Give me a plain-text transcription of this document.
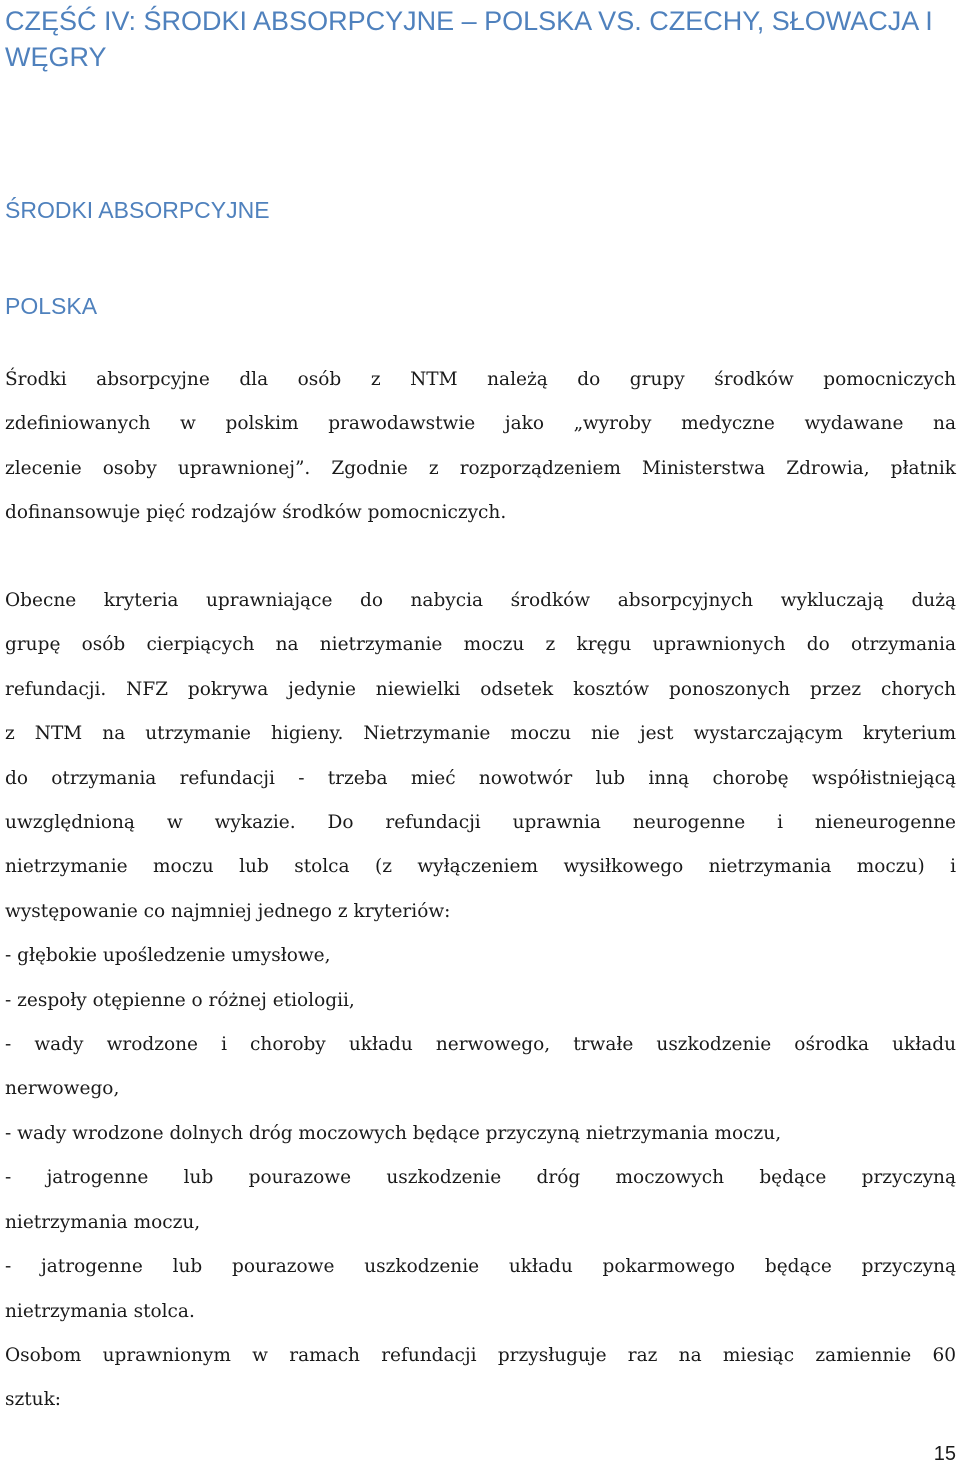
CZĘŚĆ IV: ŚRODKI ABSORPCYJNE – POLSKA VS. CZECHY, SŁOWACJA I
WĘGRY
ŚRODKI ABSORPCYJNE
POLSKA
Środki absorpcyjne dla osób z NTM należą do grupy środków pomocniczych
zdefiniowanych w polskim prawodawstwie jako „wyroby medyczne wydawane na
zlecenie osoby uprawnionej”. Zgodnie z rozporządzeniem Ministerstwa Zdrowia, płatnik
dofinansowuje pięć rodzajów środków pomocniczych.
Obecne kryteria uprawniające do nabycia środków absorpcyjnych wykluczają dużą
grupę osób cierpiących na nietrzymanie moczu z kręgu uprawnionych do otrzymania
refundacji. NFZ pokrywa jedynie niewielki odsetek kosztów ponoszonych przez chorych
z NTM na utrzymanie higieny. Nietrzymanie moczu nie jest wystarczającym kryterium
do otrzymania refundacji - trzeba mieć nowotwór lub inną chorobę współistniejącą
uwzględnioną w wykazie. Do refundacji uprawnia neurogenne i nieneurogenne
nietrzymanie moczu lub stolca (z wyłączeniem wysiłkowego nietrzymania moczu) i
występowanie co najmniej jednego z kryteriów:
- głębokie upośledzenie umysłowe,
- zespoły otępienne o różnej etiologii,
- wady wrodzone i choroby układu nerwowego, trwałe uszkodzenie ośrodka układu
nerwowego,
- wady wrodzone dolnych dróg moczowych będące przyczyną nietrzymania moczu,
- jatrogenne lub pourazowe uszkodzenie dróg moczowych będące przyczyną
nietrzymania moczu,
- jatrogenne lub pourazowe uszkodzenie układu pokarmowego będące przyczyną
nietrzymania stolca.
Osobom uprawnionym w ramach refundacji przysługuje raz na miesiąc zamiennie 60
sztuk:
15
